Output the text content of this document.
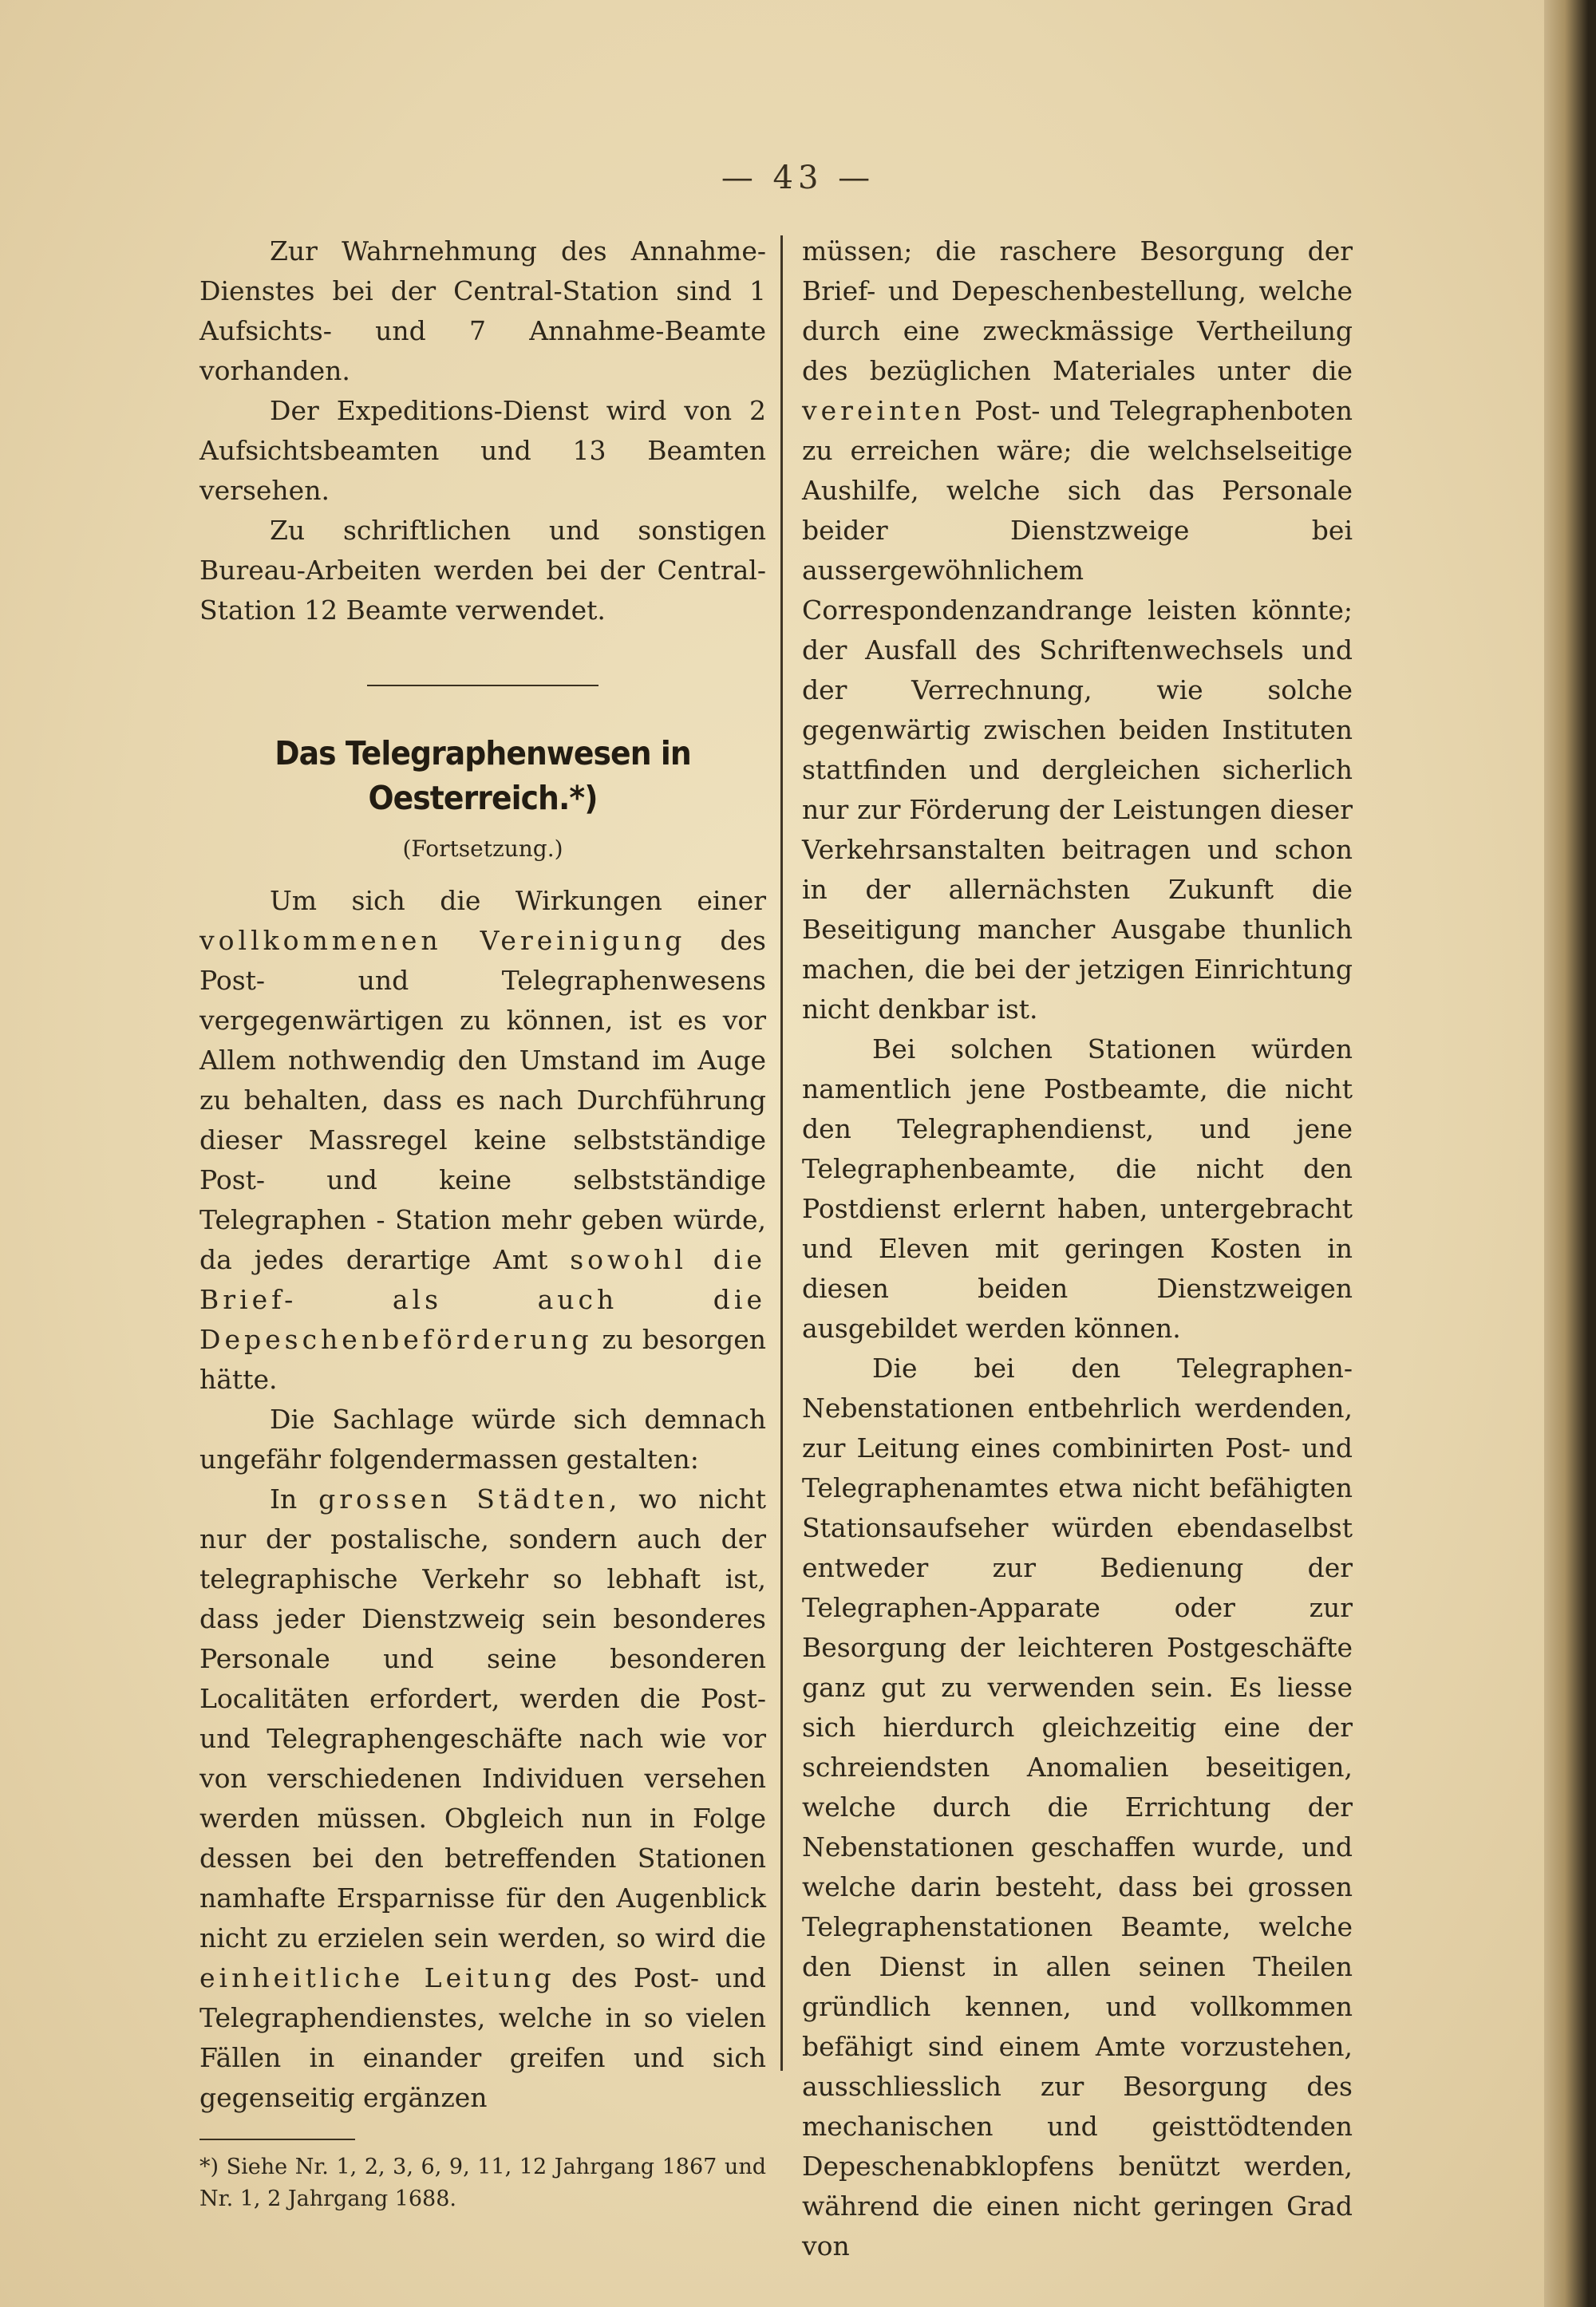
— 43 —

Zur Wahrnehmung des Annahme-Dienstes bei der Central-Station sind 1 Aufsichts- und 7 Annahme-Beamte vorhanden.

Der Expeditions-Dienst wird von 2 Aufsichtsbeamten und 13 Beamten versehen.

Zu schriftlichen und sonstigen Bureau-Arbeiten werden bei der Central-Station 12 Beamte verwendet.

Das Telegraphenwesen in Oesterreich.*)
(Fortsetzung.)

Um sich die Wirkungen einer vollkommenen Vereinigung des Post- und Telegraphenwesens vergegenwärtigen zu können, ist es vor Allem nothwendig den Umstand im Auge zu behalten, dass es nach Durchführung dieser Massregel keine selbstständige Post- und keine selbstständige Telegraphen - Station mehr geben würde, da jedes derartige Amt sowohl die Brief- als auch die Depeschenbeförderung zu besorgen hätte.

Die Sachlage würde sich demnach ungefähr folgendermassen gestalten:

In grossen Städten, wo nicht nur der postalische, sondern auch der telegraphische Verkehr so lebhaft ist, dass jeder Dienstzweig sein besonderes Personale und seine besonderen Localitäten erfordert, werden die Post- und Telegraphengeschäfte nach wie vor von verschiedenen Individuen versehen werden müssen. Obgleich nun in Folge dessen bei den betreffenden Stationen namhafte Ersparnisse für den Augenblick nicht zu erzielen sein werden, so wird die einheitliche Leitung des Post- und Telegraphendienstes, welche in so vielen Fällen in einander greifen und sich gegenseitig ergänzen

*) Siehe Nr. 1, 2, 3, 6, 9, 11, 12 Jahrgang 1867 und Nr. 1, 2 Jahrgang 1688.

müssen; die raschere Besorgung der Brief- und Depeschenbestellung, welche durch eine zweckmässige Vertheilung des bezüglichen Materiales unter die vereinten Post- und Telegraphenboten zu erreichen wäre; die welchselseitige Aushilfe, welche sich das Personale beider Dienstzweige bei aussergewöhnlichem Correspondenzandrange leisten könnte; der Ausfall des Schriftenwechsels und der Verrechnung, wie solche gegenwärtig zwischen beiden Instituten stattfinden und dergleichen sicherlich nur zur Förderung der Leistungen dieser Verkehrsanstalten beitragen und schon in der allernächsten Zukunft die Beseitigung mancher Ausgabe thunlich machen, die bei der jetzigen Einrichtung nicht denkbar ist.

Bei solchen Stationen würden namentlich jene Postbeamte, die nicht den Telegraphendienst, und jene Telegraphenbeamte, die nicht den Postdienst erlernt haben, untergebracht und Eleven mit geringen Kosten in diesen beiden Dienstzweigen ausgebildet werden können.

Die bei den Telegraphen-Nebenstationen entbehrlich werdenden, zur Leitung eines combinirten Post- und Telegraphenamtes etwa nicht befähigten Stationsaufseher würden ebendaselbst entweder zur Bedienung der Telegraphen-Apparate oder zur Besorgung der leichteren Postgeschäfte ganz gut zu verwenden sein. Es liesse sich hierdurch gleichzeitig eine der schreiendsten Anomalien beseitigen, welche durch die Errichtung der Nebenstationen geschaffen wurde, und welche darin besteht, dass bei grossen Telegraphenstationen Beamte, welche den Dienst in allen seinen Theilen gründlich kennen, und vollkommen befähigt sind einem Amte vorzustehen, ausschliesslich zur Besorgung des mechanischen und geisttödtenden Depeschenabklopfens benützt werden, während die einen nicht geringen Grad von
